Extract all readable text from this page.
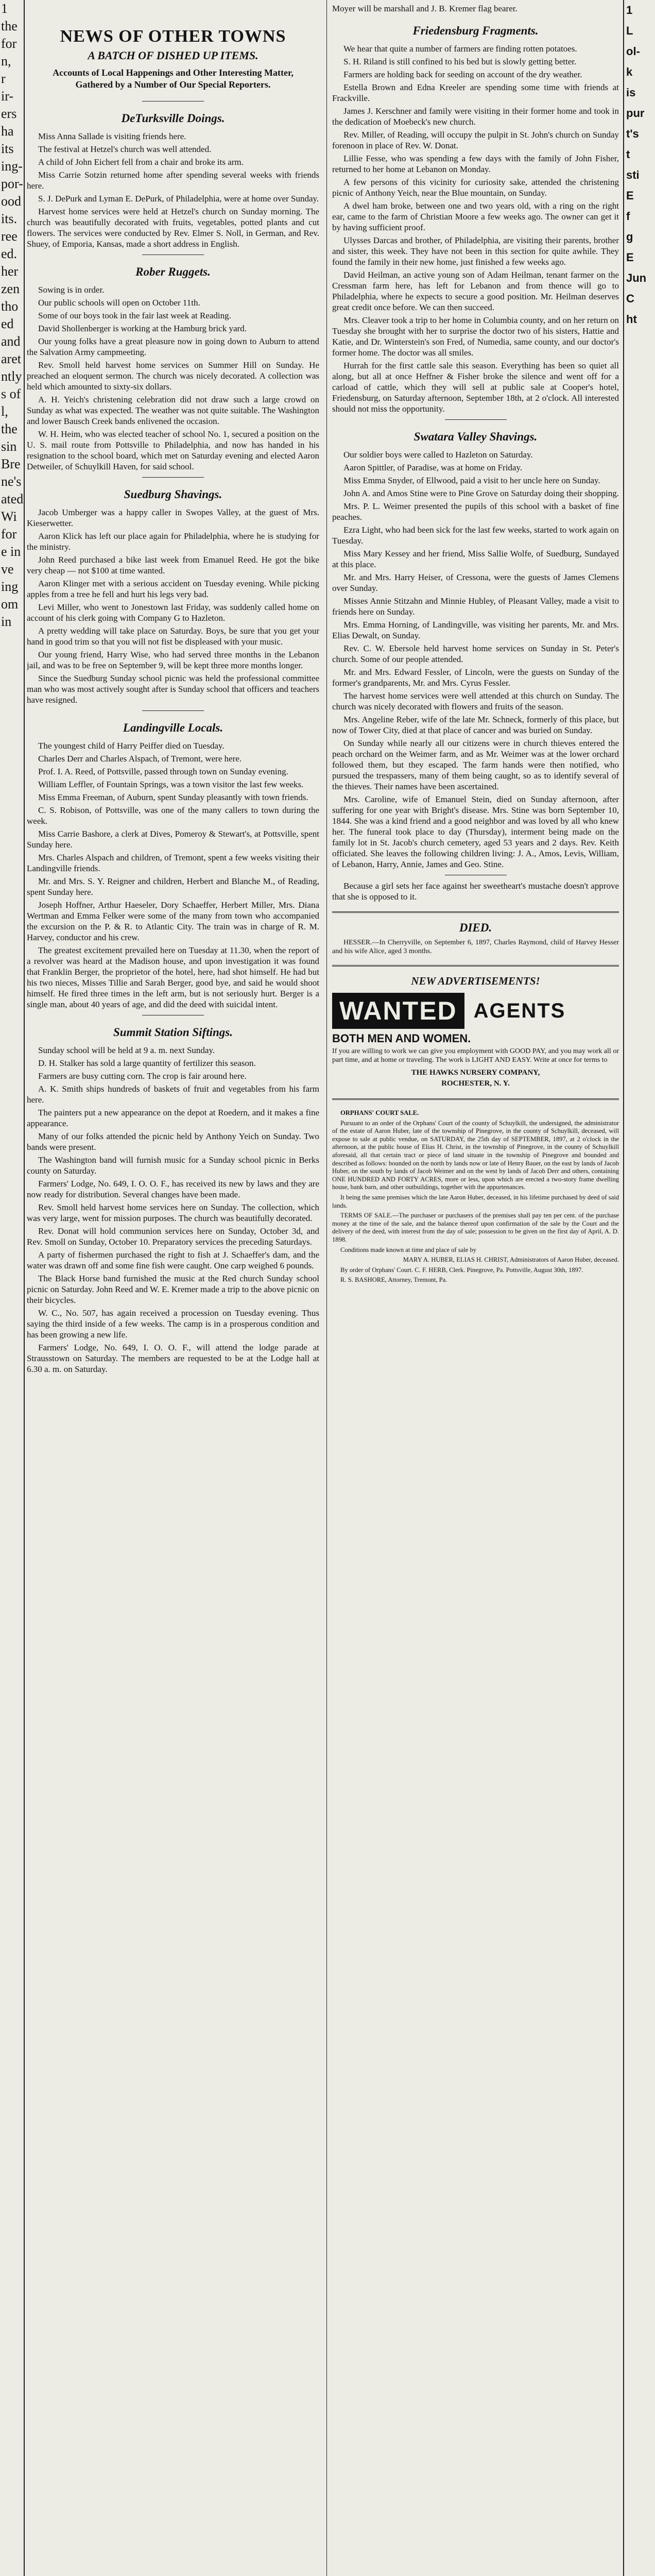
1
the
for
n,
r
ir-
ers
ha
its
ing-
por-
ood
its.
ree
ed.
her
zen
tho
ed
and
aret
ntly
s of
l,
the
sin
Bre
ne's
ated
Wi
for
e in
ve
ing
om
in
NEWS OF OTHER TOWNS
A BATCH OF DISHED UP ITEMS.
Accounts of Local Happenings and Other Interesting Matter, Gathered by a Number of Our Special Reporters.
DeTurksville Doings.

Miss Anna Sallade is visiting friends here.

The festival at Hetzel's church was well attended.

A child of John Eichert fell from a chair and broke its arm.

Miss Carrie Sotzin returned home after spending several weeks with friends here.

S. J. DePurk and Lyman E. DePurk, of Philadelphia, were at home over Sunday.

Harvest home services were held at Hetzel's church on Sunday morning. The church was beautifully decorated with fruits, vegetables, potted plants and cut flowers. The services were conducted by Rev. Elmer S. Noll, in German, and Rev. Shuey, of Emporia, Kansas, made a short address in English.

Rober Ruggets.

Sowing is in order.

Our public schools will open on October 11th.

Some of our boys took in the fair last week at Reading.

David Shollenberger is working at the Hamburg brick yard.

Our young folks have a great pleasure now in going down to Auburn to attend the Salvation Army campmeeting.

Rev. Smoll held harvest home services on Summer Hill on Sunday. He preached an eloquent sermon. The church was nicely decorated. A collection was held which amounted to sixty-six dollars.

A. H. Yeich's christening celebration did not draw such a large crowd on Sunday as what was expected. The weather was not quite suitable. The Washington and lower Bausch Creek bands enlivened the occasion.

W. H. Heim, who was elected teacher of school No. 1, secured a position on the U. S. mail route from Pottsville to Philadelphia, and now has handed in his resignation to the school board, which met on Saturday evening and elected Aaron Detweiler, of Schuylkill Haven, for said school.

Suedburg Shavings.

Jacob Umberger was a happy caller in Swopes Valley, at the guest of Mrs. Kieserwetter.

Aaron Klick has left our place again for Philadelphia, where he is studying for the ministry.

John Reed purchased a bike last week from Emanuel Reed. He got the bike very cheap — not $100 at time wanted.

Aaron Klinger met with a serious accident on Tuesday evening. While picking apples from a tree he fell and hurt his legs very bad.

Levi Miller, who went to Jonestown last Friday, was suddenly called home on account of his clerk going with Company G to Hazleton.

A pretty wedding will take place on Saturday. Boys, be sure that you get your hand in good trim so that you will not fist be displeased with your music.

Our young friend, Harry Wise, who had served three months in the Lebanon jail, and was to be free on September 9, will be kept three more months longer.

Since the Suedburg Sunday school picnic was held the professional committee man who was most actively sought after is Sunday school that officers and teachers have resigned.

Landingville Locals.

The youngest child of Harry Peiffer died on Tuesday.

Charles Derr and Charles Alspach, of Tremont, were here.

Prof. I. A. Reed, of Pottsville, passed through town on Sunday evening.

William Leffler, of Fountain Springs, was a town visitor the last few weeks.

Miss Emma Freeman, of Auburn, spent Sunday pleasantly with town friends.

C. S. Robison, of Pottsville, was one of the many callers to town during the week.

Miss Carrie Bashore, a clerk at Dives, Pomeroy & Stewart's, at Pottsville, spent Sunday here.

Mrs. Charles Alspach and children, of Tremont, spent a few weeks visiting their Landingville friends.

Mr. and Mrs. S. Y. Reigner and children, Herbert and Blanche M., of Reading, spent Sunday here.

Joseph Hoffner, Arthur Haeseler, Dory Schaeffer, Herbert Miller, Mrs. Diana Wertman and Emma Felker were some of the many from town who accompanied the excursion on the P. & R. to Atlantic City. The train was in charge of R. M. Harvey, conductor and his crew.

The greatest excitement prevailed here on Tuesday at 11.30, when the report of a revolver was heard at the Madison house, and upon investigation it was found that Franklin Berger, the proprietor of the hotel, here, had shot himself. He had but his two nieces, Misses Tillie and Sarah Berger, good bye, and said he would shoot himself. He fired three times in the left arm, but is not seriously hurt. Berger is a single man, about 40 years of age, and did the deed with suicidal intent.

Summit Station Siftings.

Sunday school will be held at 9 a. m. next Sunday.

D. H. Stalker has sold a large quantity of fertilizer this season.

Farmers are busy cutting corn. The crop is fair around here.

A. K. Smith ships hundreds of baskets of fruit and vegetables from his farm here.

The painters put a new appearance on the depot at Roedern, and it makes a fine appearance.

Many of our folks attended the picnic held by Anthony Yeich on Sunday. Two bands were present.

The Washington band will furnish music for a Sunday school picnic in Berks county on Saturday.

Farmers' Lodge, No. 649, I. O. O. F., has received its new by laws and they are now ready for distribution. Several changes have been made.

Rev. Smoll held harvest home services here on Sunday. The collection, which was very large, went for mission purposes. The church was beautifully decorated.

Rev. Donat will hold communion services here on Sunday, October 3d, and Rev. Smoll on Sunday, October 10. Preparatory services the preceding Saturdays.

A party of fishermen purchased the right to fish at J. Schaeffer's dam, and the water was drawn off and some fine fish were caught. One carp weighed 6 pounds.

The Black Horse band furnished the music at the Red church Sunday school picnic on Saturday. John Reed and W. E. Kremer made a trip to the above picnic on their bicycles.

W. C., No. 507, has again received a procession on Tuesday evening. Thus saying the third inside of a few weeks. The camp is in a prosperous condition and has been growing a new life.

Farmers' Lodge, No. 649, I. O. O. F., will attend the lodge parade at Strausstown on Saturday. The members are requested to be at the Lodge hall at 6.30 a. m. on Saturday.

Moyer will be marshall and J. B. Kremer flag bearer.

Friedensburg Fragments.

We hear that quite a number of farmers are finding rotten potatoes.

S. H. Riland is still confined to his bed but is slowly getting better.

Farmers are holding back for seeding on account of the dry weather.

Estella Brown and Edna Kreeler are spending some time with friends at Frackville.

James J. Kerschner and family were visiting in their former home and took in the dedication of Moebeck's new church.

Rev. Miller, of Reading, will occupy the pulpit in St. John's church on Sunday forenoon in place of Rev. W. Donat.

Lillie Fesse, who was spending a few days with the family of John Fisher, returned to her home at Lebanon on Monday.

A few persons of this vicinity for curiosity sake, attended the christening picnic of Anthony Yeich, near the Blue mountain, on Sunday.

A dwel ham broke, between one and two years old, with a ring on the right ear, came to the farm of Christian Moore a few weeks ago. The owner can get it by having sufficient proof.

Ulysses Darcas and brother, of Philadelphia, are visiting their parents, brother and sister, this week. They have not been in this section for quite awhile. They found the family in their new home, just finished a few weeks ago.

David Heilman, an active young son of Adam Heilman, tenant farmer on the Cressman farm here, has left for Lebanon and from thence will go to Philadelphia, where he expects to secure a good position. Mr. Heilman deserves great credit once before. We can then succeed.

Mrs. Cleaver took a trip to her home in Columbia county, and on her return on Tuesday she brought with her to surprise the doctor two of his sisters, Hattie and Katie, and Dr. Winterstein's son Fred, of Numedia, same county, and our doctor's former home. The doctor was all smiles.

Hurrah for the first cattle sale this season. Everything has been so quiet all along, but all at once Heffner & Fisher broke the silence and went off for a carload of cattle, which they will sell at public sale at Cooper's hotel, Friedensburg, on Saturday afternoon, September 18th, at 2 o'clock. All interested should not miss the opportunity.

Swatara Valley Shavings.

Our soldier boys were called to Hazleton on Saturday.

Aaron Spittler, of Paradise, was at home on Friday.

Miss Emma Snyder, of Ellwood, paid a visit to her uncle here on Sunday.

John A. and Amos Stine were to Pine Grove on Saturday doing their shopping.

Mrs. P. L. Weimer presented the pupils of this school with a basket of fine peaches.

Ezra Light, who had been sick for the last few weeks, started to work again on Tuesday.

Miss Mary Kessey and her friend, Miss Sallie Wolfe, of Suedburg, Sundayed at this place.

Mr. and Mrs. Harry Heiser, of Cressona, were the guests of James Clemens over Sunday.

Misses Annie Stitzahn and Minnie Hubley, of Pleasant Valley, made a visit to friends here on Sunday.

Mrs. Emma Horning, of Landingville, was visiting her parents, Mr. and Mrs. Elias Dewalt, on Sunday.

Rev. C. W. Ebersole held harvest home services on Sunday in St. Peter's church. Some of our people attended.

Mr. and Mrs. Edward Fessler, of Lincoln, were the guests on Sunday of the former's grandparents, Mr. and Mrs. Cyrus Fessler.

The harvest home services were well attended at this church on Sunday. The church was nicely decorated with flowers and fruits of the season.

Mrs. Angeline Reber, wife of the late Mr. Schneck, formerly of this place, but now of Tower City, died at that place of cancer and was buried on Sunday.

On Sunday while nearly all our citizens were in church thieves entered the peach orchard on the Weimer farm, and as Mr. Weimer was at the lower orchard followed them, but they escaped. The farm hands were then notified, who pursued the trespassers, many of them being caught, so as to identify several of the thieves. Their names have been ascertained.

Mrs. Caroline, wife of Emanuel Stein, died on Sunday afternoon, after suffering for one year with Bright's disease. Mrs. Stine was born September 10, 1844. She was a kind friend and a good neighbor and was loved by all who knew her. The funeral took place to day (Thursday), interment being made on the family lot in St. Jacob's church cemetery, aged 53 years and 2 days. Rev. Keith officiated. She leaves the following children living: J. A., Amos, Levis, William, of Lebanon, Harry, Annie, James and Geo. Stine.

Because a girl sets her face against her sweetheart's mustache doesn't approve that she is opposed to it.

DIED.

HESSER.—In Cherryville, on September 6, 1897, Charles Raymond, child of Harvey Hesser and his wife Alice, aged 3 months.

NEW ADVERTISEMENTS!
WANTED AGENTS
BOTH MEN AND WOMEN.
If you are willing to work we can give you employment with GOOD PAY, and you may work all or part time, and at home or traveling. The work is LIGHT AND EASY. Write at once for terms to
THE HAWKS NURSERY COMPANY,
ROCHESTER, N. Y.

ORPHANS' COURT SALE.

Pursuant to an order of the Orphans' Court of the county of Schuylkill, the undersigned, the administrator of the estate of Aaron Huber, late of the township of Pinegrove, in the county of Schuylkill, deceased, will expose to sale at public vendue, on SATURDAY, the 25th day of SEPTEMBER, 1897, at 2 o'clock in the afternoon, at the public house of Elias H. Christ, in the township of Pinegrove, in the county of Schuylkill aforesaid, all that certain tract or piece of land situate in the township of Pinegrove and bounded and described as follows: bounded on the north by lands now or late of Henry Bauer, on the east by lands of Jacob Huber, on the south by lands of Jacob Weimer and on the west by lands of Jacob Derr and others, containing ONE HUNDRED AND FORTY ACRES, more or less, upon which are erected a two-story frame dwelling house, bank barn, and other outbuildings, together with the appurtenances.

It being the same premises which the late Aaron Huber, deceased, in his lifetime purchased by deed of said lands.

TERMS OF SALE.—The purchaser or purchasers of the premises shall pay ten per cent. of the purchase money at the time of the sale, and the balance thereof upon confirmation of the sale by the Court and the delivery of the deed, with interest from the day of sale; possession to be given on the first day of April, A. D. 1898.

Conditions made known at time and place of sale by

MARY A. HUBER, ELIAS H. CHRIST, Administrators of Aaron Huber, deceased.

By order of Orphans' Court. C. F. HERB, Clerk. Pinegrove, Pa. Pottsville, August 30th, 1897.

R. S. BASHORE, Attorney, Tremont, Pa.

1
L
ol-
k
is
pur
t's
t
sti
E
f
g
E
Jun
C
ht
